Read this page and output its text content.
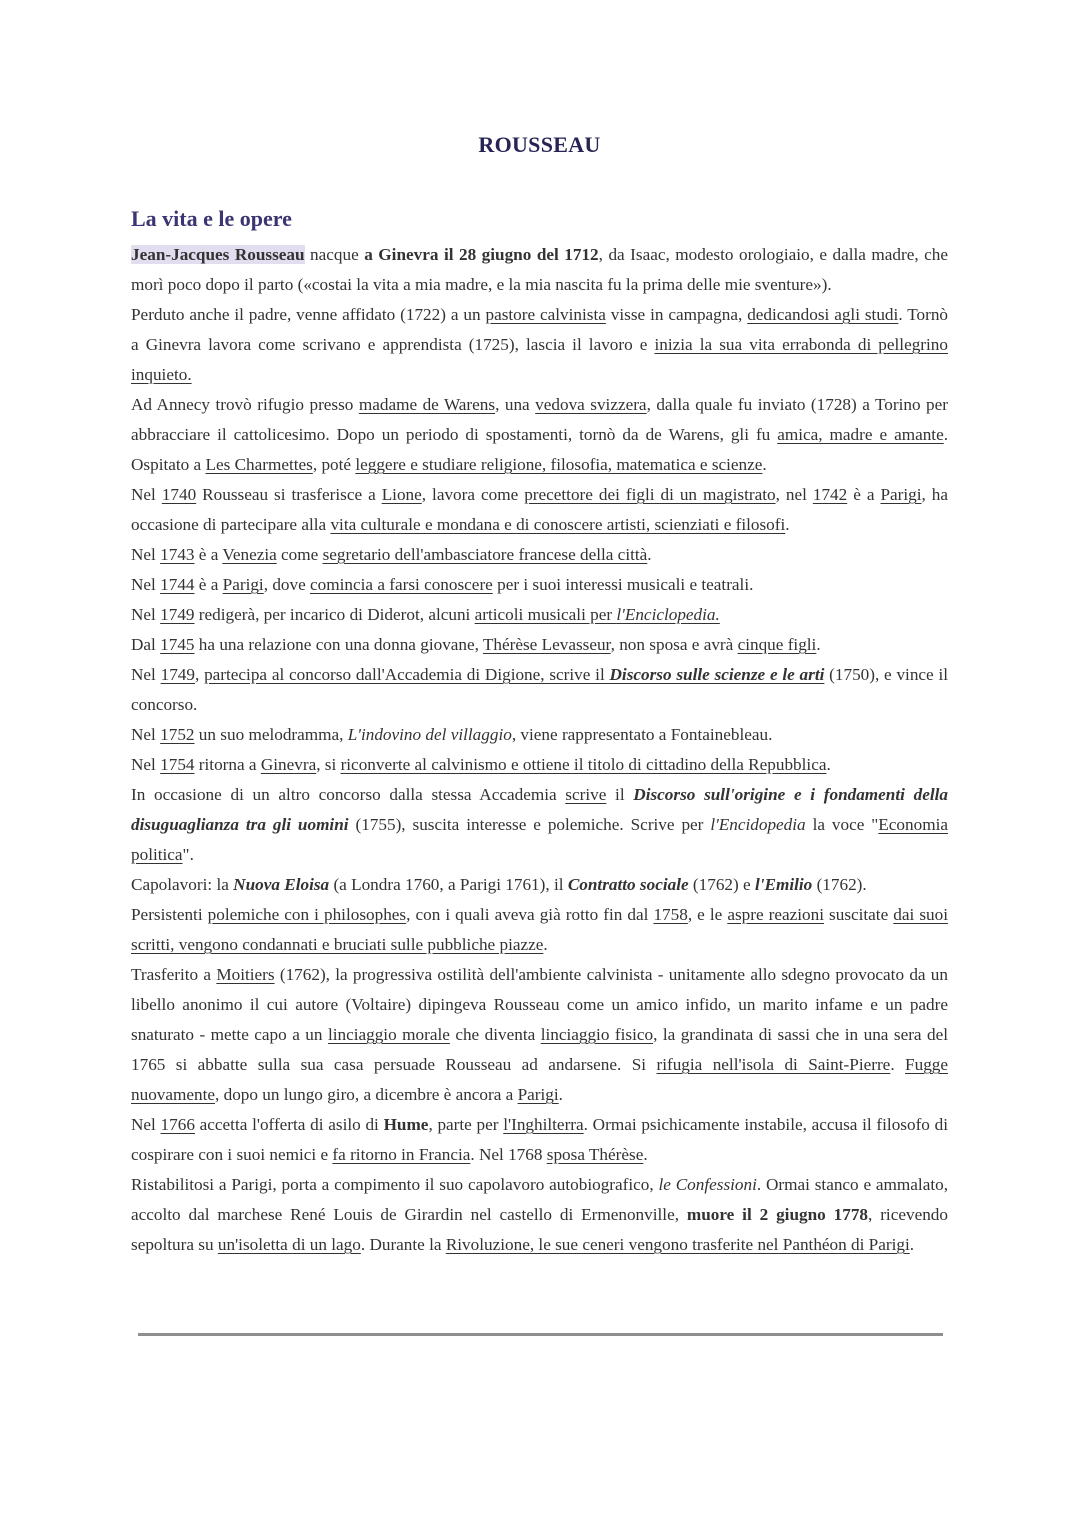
ROUSSEAU
La vita e le opere

Jean-Jacques Rousseau nacque a Ginevra il 28 giugno del 1712, da Isaac, modesto orologiaio, e dalla madre, che morì poco dopo il parto («costai la vita a mia madre, e la mia nascita fu la prima delle mie sventure»).

Perduto anche il padre, venne affidato (1722) a un pastore calvinista visse in campagna, dedicandosi agli studi. Tornò a Ginevra lavora come scrivano e apprendista (1725), lascia il lavoro e inizia la sua vita errabonda di pellegrino inquieto.

Ad Annecy trovò rifugio presso madame de Warens, una vedova svizzera, dalla quale fu inviato (1728) a Torino per abbracciare il cattolicesimo. Dopo un periodo di spostamenti, tornò da de Warens, gli fu amica, madre e amante. Ospitato a Les Charmettes, poté leggere e studiare religione, filosofia, matematica e scienze.

Nel 1740 Rousseau si trasferisce a Lione, lavora come precettore dei figli di un magistrato, nel 1742 è a Parigi, ha occasione di partecipare alla vita culturale e mondana e di conoscere artisti, scienziati e filosofi.

Nel 1743 è a Venezia come segretario dell'ambasciatore francese della città.

Nel 1744 è a Parigi, dove comincia a farsi conoscere per i suoi interessi musicali e teatrali.

Nel 1749 redigerà, per incarico di Diderot, alcuni articoli musicali per l'Enciclopedia.

Dal 1745 ha una relazione con una donna giovane, Thérèse Levasseur, non sposa e avrà cinque figli.

Nel 1749, partecipa al concorso dall'Accademia di Digione, scrive il Discorso sulle scienze e le arti (1750), e vince il concorso.

Nel 1752 un suo melodramma, L'indovino del villaggio, viene rappresentato a Fontainebleau.

Nel 1754 ritorna a Ginevra, si riconverte al calvinismo e ottiene il titolo di cittadino della Repubblica.

In occasione di un altro concorso dalla stessa Accademia scrive il Discorso sull'origine e i fondamenti della disuguaglianza tra gli uomini (1755), suscita interesse e polemiche. Scrive per l'Encidopedia la voce "Economia politica".

Capolavori: la Nuova Eloisa (a Londra 1760, a Parigi 1761), il Contratto sociale (1762) e l'Emilio (1762).

Persistenti polemiche con i philosophes, con i quali aveva già rotto fin dal 1758, e le aspre reazioni suscitate dai suoi scritti, vengono condannati e bruciati sulle pubbliche piazze.

Trasferito a Moitiers (1762), la progressiva ostilità dell'ambiente calvinista - unitamente allo sdegno provocato da un libello anonimo il cui autore (Voltaire) dipingeva Rousseau come un amico infido, un marito infame e un padre snaturato - mette capo a un linciaggio morale che diventa linciaggio fisico, la grandinata di sassi che in una sera del 1765 si abbatte sulla sua casa persuade Rousseau ad andarsene. Si rifugia nell'isola di Saint-Pierre. Fugge nuovamente, dopo un lungo giro, a dicembre è ancora a Parigi.

Nel 1766 accetta l'offerta di asilo di Hume, parte per l'Inghilterra. Ormai psichicamente instabile, accusa il filosofo di cospirare con i suoi nemici e fa ritorno in Francia. Nel 1768 sposa Thérèse.

Ristabilitosi a Parigi, porta a compimento il suo capolavoro autobiografico, le Confessioni. Ormai stanco e ammalato, accolto dal marchese René Louis de Girardin nel castello di Ermenonville, muore il 2 giugno 1778, ricevendo sepoltura su un'isoletta di un lago. Durante la Rivoluzione, le sue ceneri vengono trasferite nel Panthéon di Parigi.
